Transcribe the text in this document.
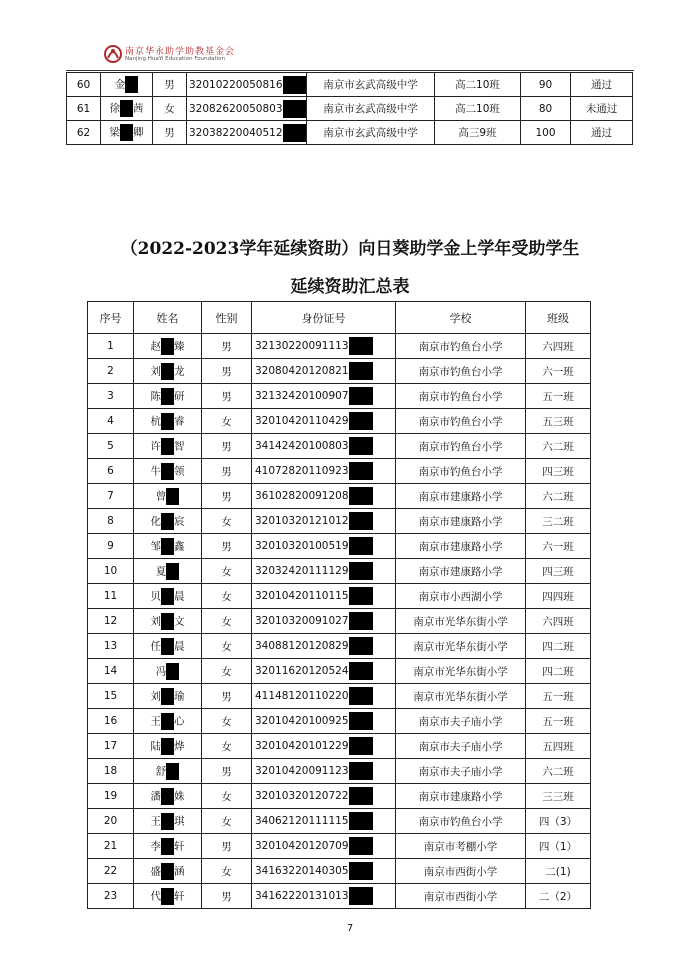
南京华永助学助教基金会
Nanjing HuaYi Education Foundation
60	金	男	32010220050816	南京市玄武高级中学	高二10班	90	通过
61	徐 茜	女	32082620050803	南京市玄武高级中学	高二10班	80	未通过
62	梁 卿	男	32038220040512	南京市玄武高级中学	高三9班	100	通过
（2022-2023学年延续资助）向日葵助学金上学年受助学生
延续资助汇总表
序号	姓名	性别	身份证号	学校	班级
1	赵 臻	男	32130220091113	南京市钓鱼台小学	六四班
2	刘 龙	男	32080420120821	南京市钓鱼台小学	六一班
3	陈 研	男	32132420100907	南京市钓鱼台小学	五一班
4	杭 睿	女	32010420110429	南京市钓鱼台小学	五三班
5	许 智	男	34142420100803	南京市钓鱼台小学	六二班
6	牛 领	男	41072820110923	南京市钓鱼台小学	四三班
7	曾	男	36102820091208	南京市建康路小学	六二班
8	化 宸	女	32010320121012	南京市建康路小学	三二班
9	邹 鑫	男	32010320100519	南京市建康路小学	六一班
10	夏	女	32032420111129	南京市建康路小学	四三班
11	贝 晨	女	32010420110115	南京市小西湖小学	四四班
12	刘 文	女	32010320091027	南京市光华东街小学	六四班
13	任 晨	女	34088120120829	南京市光华东街小学	四二班
14	冯	女	32011620120524	南京市光华东街小学	四二班
15	刘 瑜	男	41148120110220	南京市光华东街小学	五一班
16	王 心	女	32010420100925	南京市夫子庙小学	五一班
17	陆 烨	女	32010420101229	南京市夫子庙小学	五四班
18	舒	男	32010420091123	南京市夫子庙小学	六二班
19	潘 姝	女	32010320120722	南京市建康路小学	三三班
20	王 琪	女	34062120111115	南京市钓鱼台小学	四（3）
21	李 轩	男	32010420120709	南京市考棚小学	四（1）
22	盛 涵	女	34163220140305	南京市西街小学	二(1)
23	代 轩	男	34162220131013	南京市西街小学	二（2）
7
